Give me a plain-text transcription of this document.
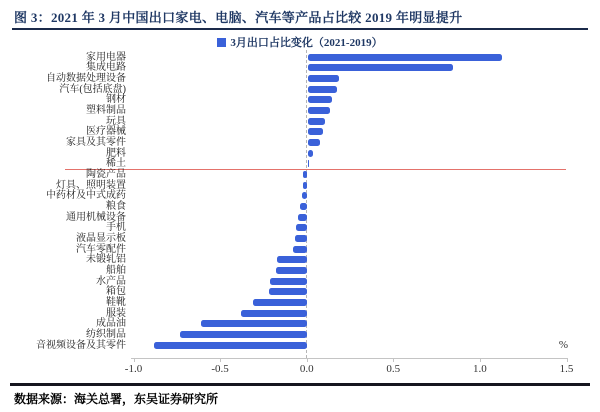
图 3：2021 年 3 月中国出口家电、电脑、汽车等产品占比较 2019 年明显提升
3月出口占比变化（2021-2019）
%
家用电器
集成电路
自动数据处理设备
汽车(包括底盘)
钢材
塑料制品
玩具
医疗器械
家具及其零件
肥料
稀土
陶瓷产品
灯具、照明装置
中药材及中式成药
粮食
通用机械设备
手机
液晶显示板
汽车零配件
未锻轧铝
船舶
水产品
箱包
鞋靴
服装
成品油
纺织制品
音视频设备及其零件
-1.0	-0.5	0.0	0.5	1.0	1.5
数据来源：海关总署，东吴证券研究所
